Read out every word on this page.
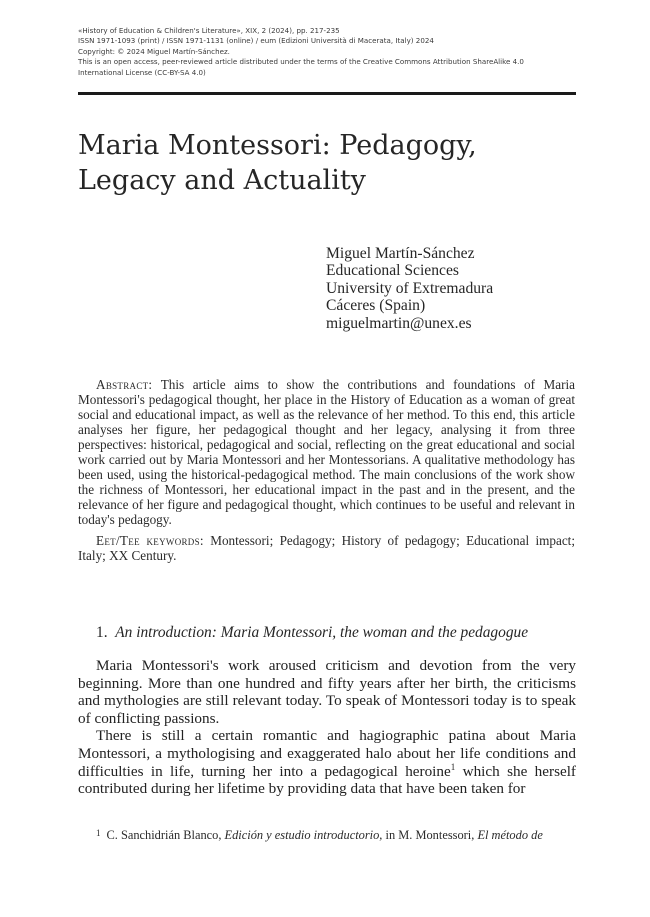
«History of Education & Children's Literature», XIX, 2 (2024), pp. 217-235
ISSN 1971-1093 (print) / ISSN 1971-1131 (online) / eum (Edizioni Università di Macerata, Italy) 2024
Copyright: © 2024 Miguel Martín-Sánchez.
This is an open access, peer-reviewed article distributed under the terms of the Creative Commons Attribution ShareAlike 4.0
International License (CC-BY-SA 4.0)
Maria Montessori: Pedagogy, Legacy and Actuality
Miguel Martín-Sánchez
Educational Sciences
University of Extremadura
Cáceres (Spain)
miguelmartin@unex.es

Abstract: This article aims to show the contributions and foundations of Maria Montessori's pedagogical thought, her place in the History of Education as a woman of great social and educational impact, as well as the relevance of her method. To this end, this article analyses her figure, her pedagogical thought and her legacy, analysing it from three perspectives: historical, pedagogical and social, reflecting on the great educational and social work carried out by Maria Montessori and her Montessorians. A qualitative methodology has been used, using the historical-pedagogical method. The main conclusions of the work show the richness of Montessori, her educational impact in the past and in the present, and the relevance of her figure and pedagogical thought, which continues to be useful and relevant in today's pedagogy.

Eet/Tee keywords: Montessori; Pedagogy; History of pedagogy; Educational impact; Italy; XX Century.

1. An introduction: Maria Montessori, the woman and the pedagogue

Maria Montessori's work aroused criticism and devotion from the very beginning. More than one hundred and fifty years after her birth, the criticisms and mythologies are still relevant today. To speak of Montessori today is to speak of conflicting passions.

There is still a certain romantic and hagiographic patina about Maria Montessori, a mythologising and exaggerated halo about her life conditions and difficulties in life, turning her into a pedagogical heroine$^1$ which she herself contributed during her lifetime by providing data that have been taken for

$^1$ C. Sanchidrián Blanco, Edición y estudio introductorio, in M. Montessori, El método de
